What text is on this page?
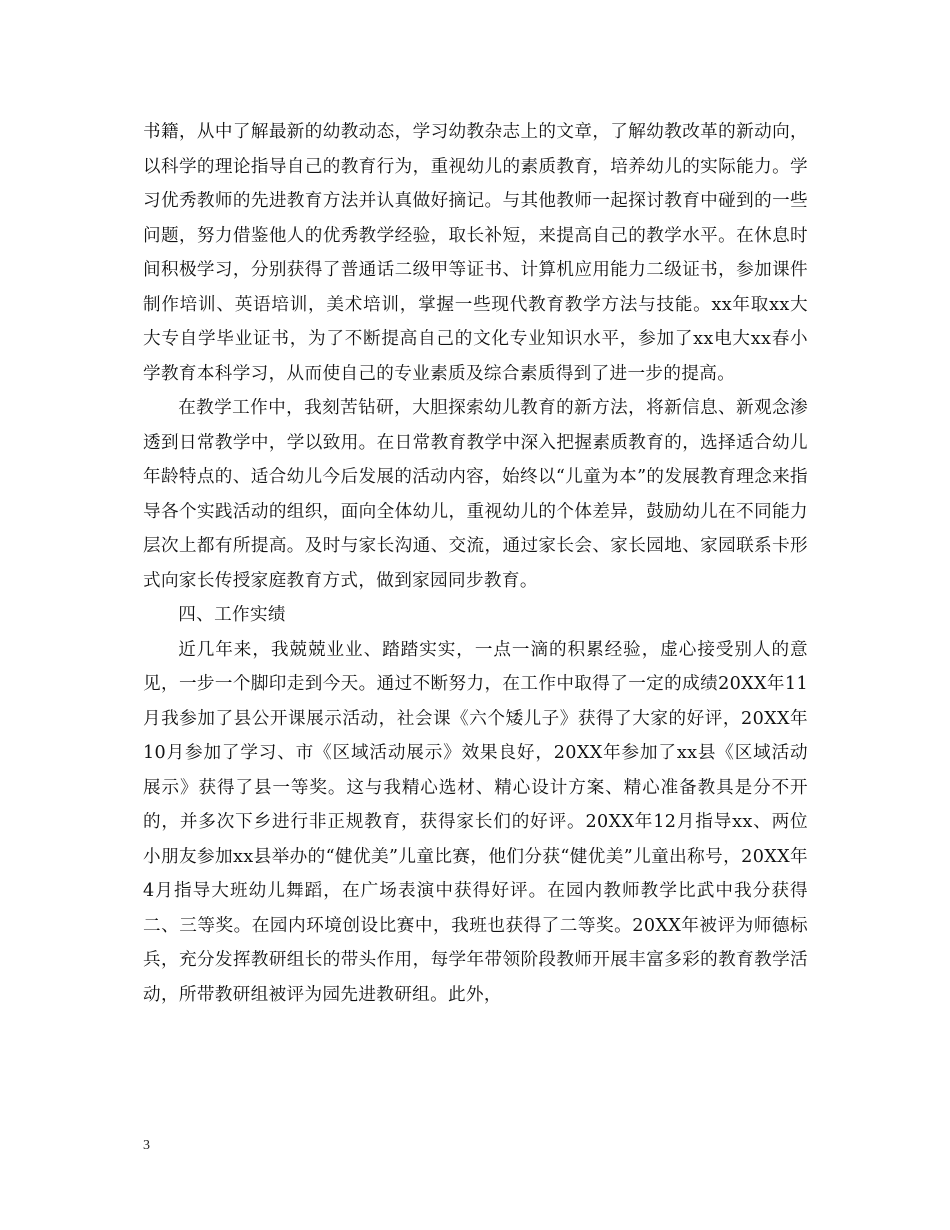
书籍，从中了解最新的幼教动态，学习幼教杂志上的文章，了解幼教改革的新动向，以科学的理论指导自己的教育行为，重视幼儿的素质教育，培养幼儿的实际能力。学习优秀教师的先进教育方法并认真做好摘记。与其他教师一起探讨教育中碰到的一些问题，努力借鉴他人的优秀教学经验，取长补短，来提高自己的教学水平。在休息时间积极学习，分别获得了普通话二级甲等证书、计算机应用能力二级证书，参加课件制作培训、英语培训，美术培训，掌握一些现代教育教学方法与技能。xx年取xx大大专自学毕业证书，为了不断提高自己的文化专业知识水平，参加了xx电大xx春小学教育本科学习，从而使自己的专业素质及综合素质得到了进一步的提高。

在教学工作中，我刻苦钻研，大胆探索幼儿教育的新方法，将新信息、新观念渗透到日常教学中，学以致用。在日常教育教学中深入把握素质教育的，选择适合幼儿年龄特点的、适合幼儿今后发展的活动内容，始终以“儿童为本”的发展教育理念来指导各个实践活动的组织，面向全体幼儿，重视幼儿的个体差异，鼓励幼儿在不同能力层次上都有所提高。及时与家长沟通、交流，通过家长会、家长园地、家园联系卡形式向家长传授家庭教育方式，做到家园同步教育。

四、工作实绩

近几年来，我兢兢业业、踏踏实实，一点一滴的积累经验，虚心接受别人的意见，一步一个脚印走到今天。通过不断努力，在工作中取得了一定的成绩20XX年11月我参加了县公开课展示活动，社会课《六个矮儿子》获得了大家的好评，20XX年10月参加了学习、市《区域活动展示》效果良好，20XX年参加了xx县《区域活动展示》获得了县一等奖。这与我精心选材、精心设计方案、精心准备教具是分不开的，并多次下乡进行非正规教育，获得家长们的好评。20XX年12月指导xx、两位小朋友参加xx县举办的“健优美”儿童比赛，他们分获“健优美”儿童出称号，20XX年4月指导大班幼儿舞蹈，在广场表演中获得好评。在园内教师教学比武中我分获得二、三等奖。在园内环境创设比赛中，我班也获得了二等奖。20XX年被评为师德标兵，充分发挥教研组长的带头作用，每学年带领阶段教师开展丰富多彩的教育教学活动，所带教研组被评为园先进教研组。此外，

3
